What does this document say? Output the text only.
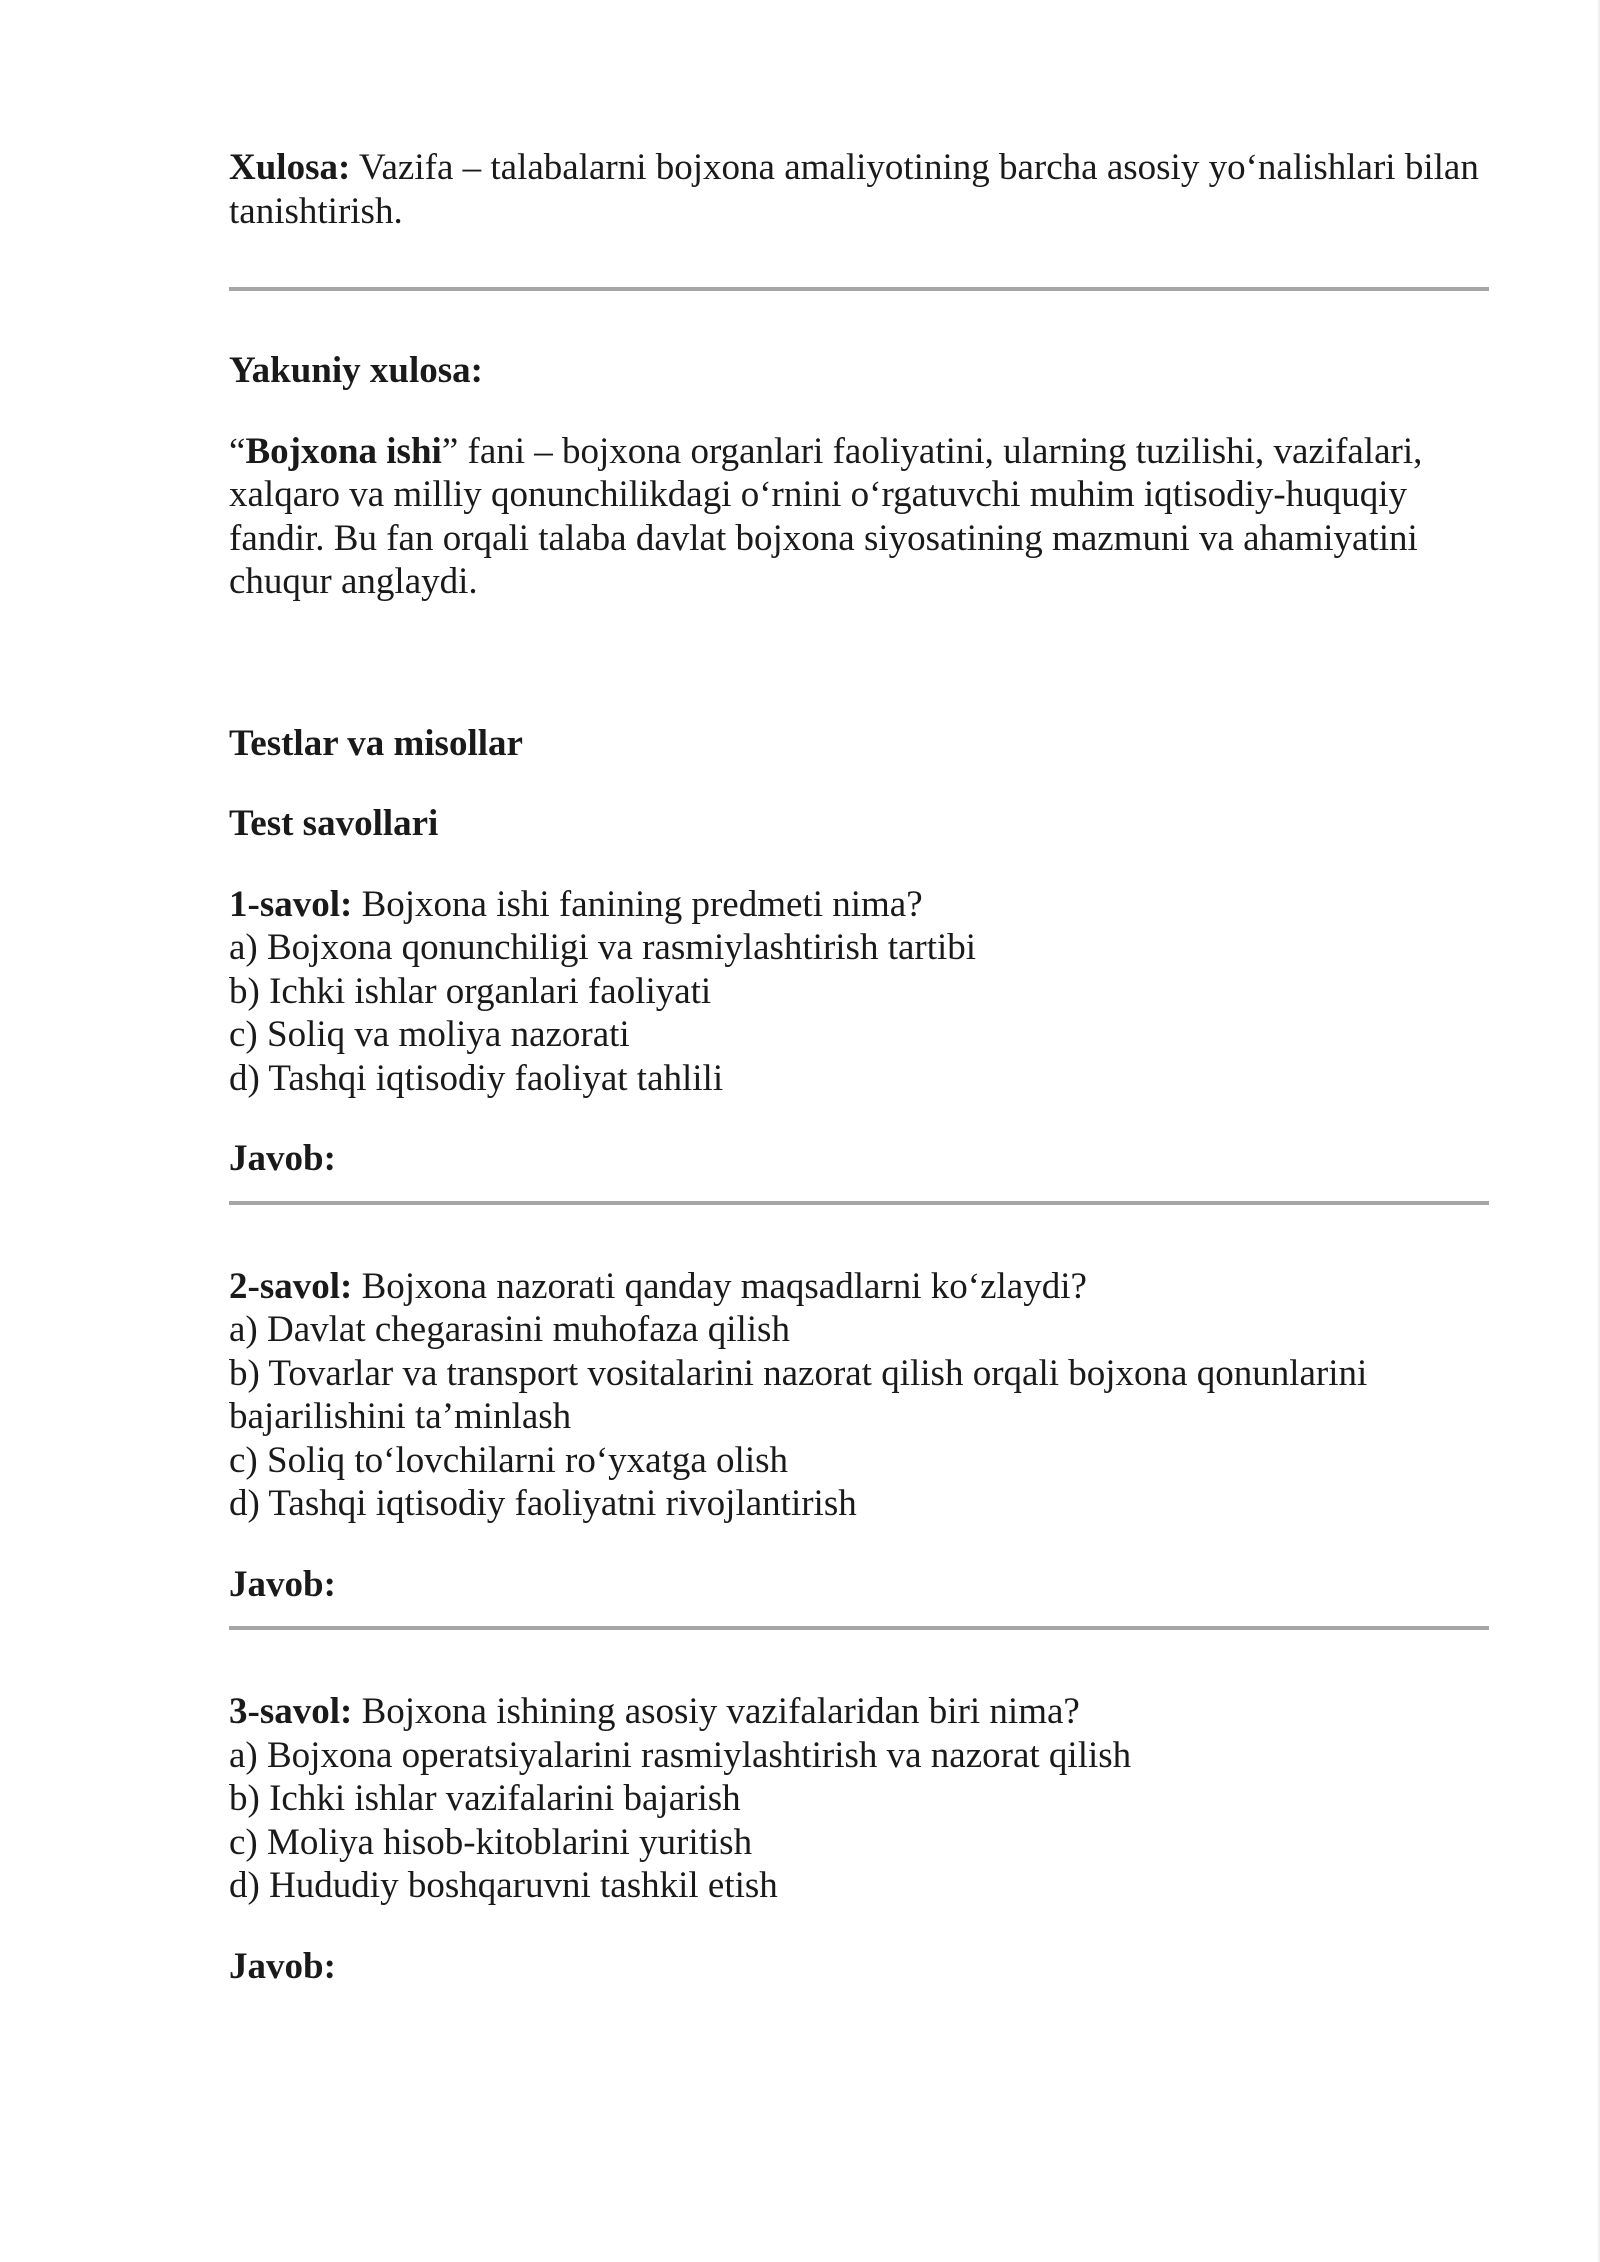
Xulosa: Vazifa – talabalarni bojxona amaliyotining barcha asosiy yo‘nalishlari bilan tanishtirish.

Yakuniy xulosa:

“Bojxona ishi” fani – bojxona organlari faoliyatini, ularning tuzilishi, vazifalari, xalqaro va milliy qonunchilikdagi o‘rnini o‘rgatuvchi muhim iqtisodiy-huquqiy fandir. Bu fan orqali talaba davlat bojxona siyosatining mazmuni va ahamiyatini chuqur anglaydi.

Testlar va misollar

Test savollari

1-savol: Bojxona ishi fanining predmeti nima?

a) Bojxona qonunchiligi va rasmiylashtirish tartibi
b) Ichki ishlar organlari faoliyati
c) Soliq va moliya nazorati
d) Tashqi iqtisodiy faoliyat tahlili

Javob:

2-savol: Bojxona nazorati qanday maqsadlarni ko‘zlaydi?

a) Davlat chegarasini muhofaza qilish
b) Tovarlar va transport vositalarini nazorat qilish orqali bojxona qonunlarini bajarilishini ta’minlash
c) Soliq to‘lovchilarni ro‘yxatga olish
d) Tashqi iqtisodiy faoliyatni rivojlantirish

Javob:

3-savol: Bojxona ishining asosiy vazifalaridan biri nima?

a) Bojxona operatsiyalarini rasmiylashtirish va nazorat qilish
b) Ichki ishlar vazifalarini bajarish
c) Moliya hisob-kitoblarini yuritish
d) Hududiy boshqaruvni tashkil etish

Javob:
